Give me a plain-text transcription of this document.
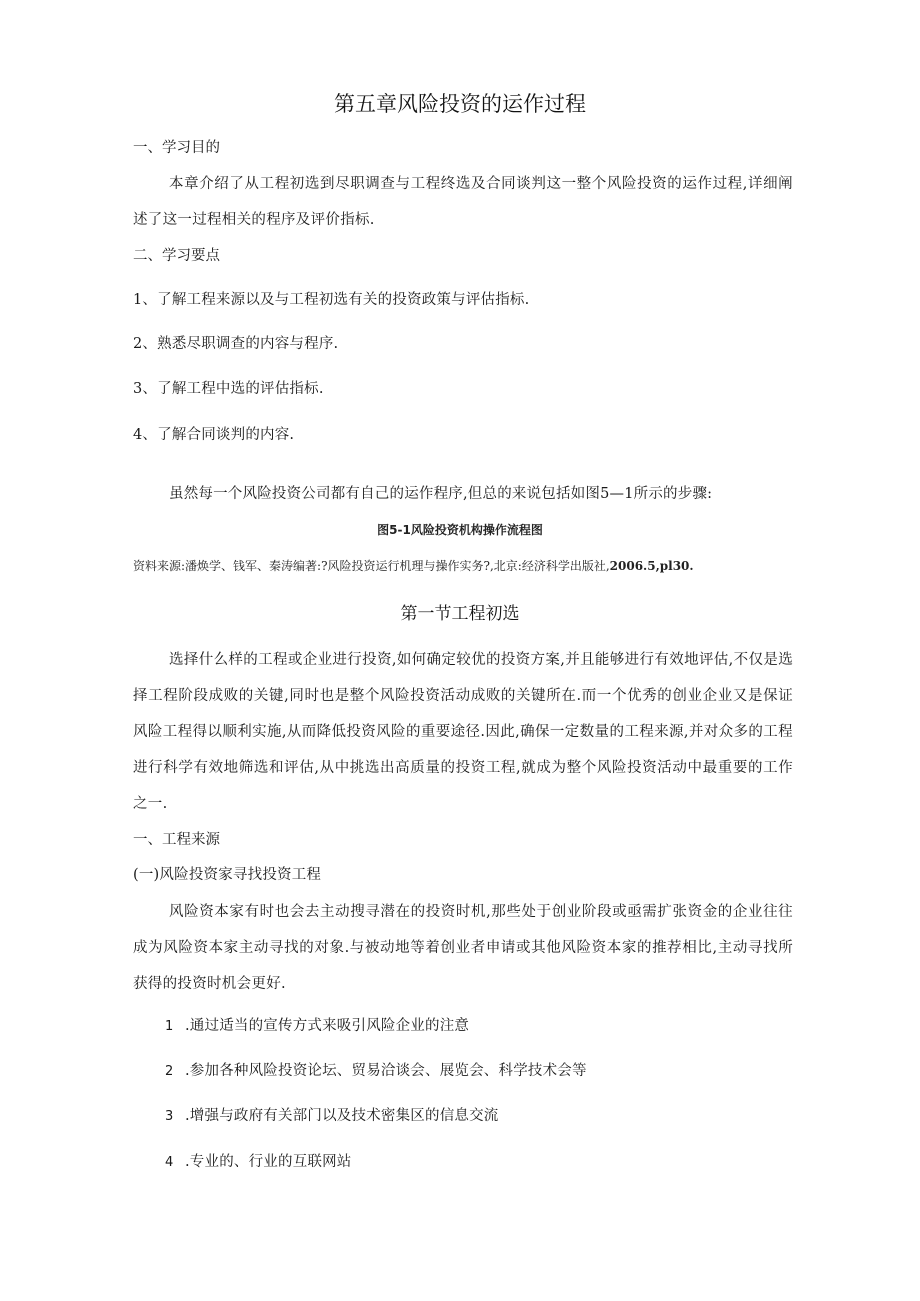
第五章风险投资的运作过程
一、学习目的
本章介绍了从工程初选到尽职调查与工程终选及合同谈判这一整个风险投资的运作过程,详细阐述了这一过程相关的程序及评价指标.
二、学习要点
1、了解工程来源以及与工程初选有关的投资政策与评估指标.
2、熟悉尽职调查的内容与程序.
3、了解工程中选的评估指标.
4、了解合同谈判的内容.
虽然每一个风险投资公司都有自己的运作程序,但总的来说包括如图5—1所示的步骤:
图5-1风险投资机构操作流程图
资料来源:潘焕学、钱军、秦涛编著:?风险投资运行机理与操作实务?,北京:经济科学出版社,2006.5,pl30.
第一节工程初选
选择什么样的工程或企业进行投资,如何确定较优的投资方案,并且能够进行有效地评估,不仅是选择工程阶段成败的关键,同时也是整个风险投资活动成败的关键所在.而一个优秀的创业企业又是保证风险工程得以顺利实施,从而降低投资风险的重要途径.因此,确保一定数量的工程来源,并对众多的工程进行科学有效地筛选和评估,从中挑选出高质量的投资工程,就成为整个风险投资活动中最重要的工作之一.
一、工程来源
(一)风险投资家寻找投资工程
风险资本家有时也会去主动搜寻潜在的投资时机,那些处于创业阶段或亟需扩张资金的企业往往成为风险资本家主动寻找的对象.与被动地等着创业者申请或其他风险资本家的推荐相比,主动寻找所获得的投资时机会更好.
1 .通过适当的宣传方式来吸引风险企业的注意
2 .参加各种风险投资论坛、贸易洽谈会、展览会、科学技术会等
3 .增强与政府有关部门以及技术密集区的信息交流
4 .专业的、行业的互联网站
